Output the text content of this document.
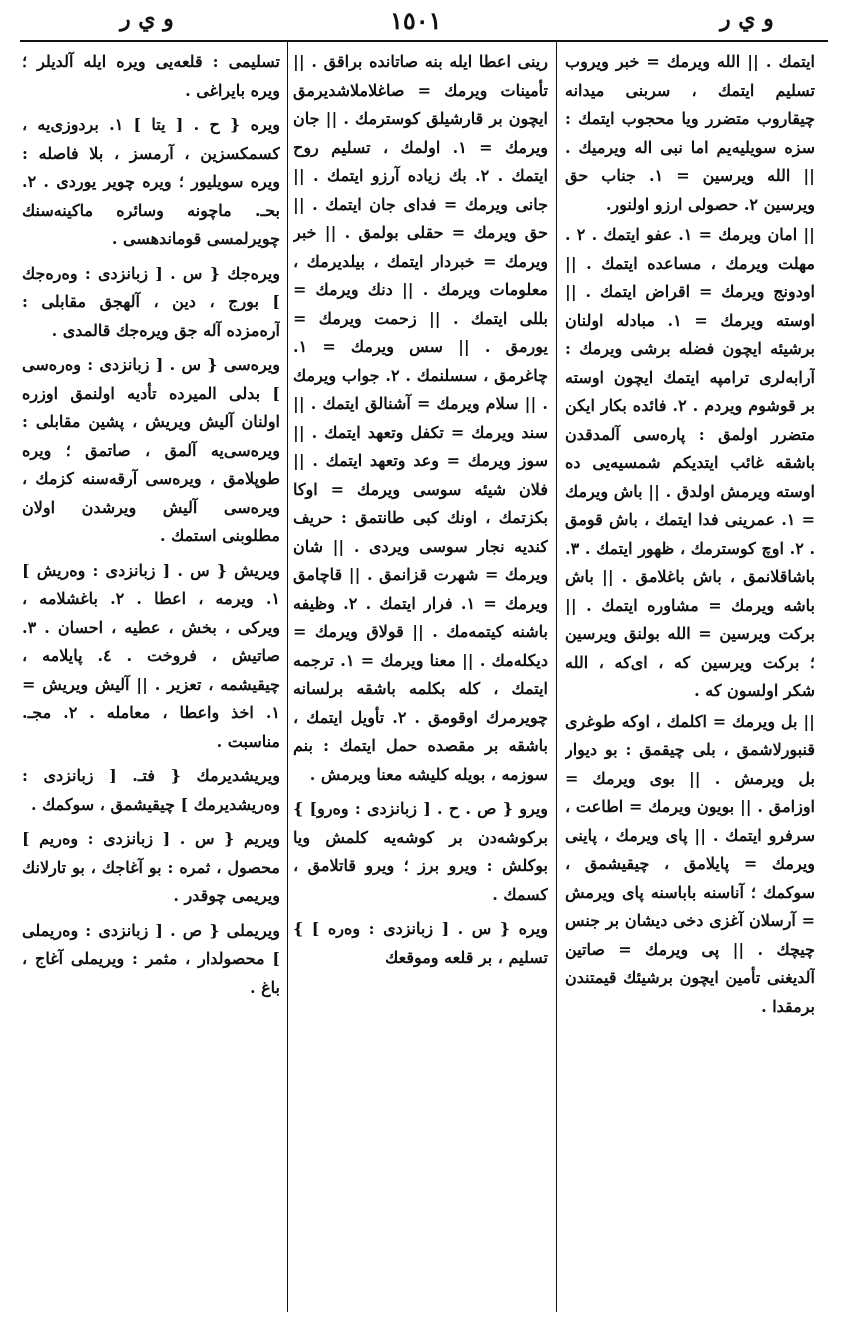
و ي ر	١٥٠١	و ي ر

ايتمك . || الله ويرمك = خبر ويروب تسليم ايتمك ، سربنى ميدانه چيقاروب متضرر ويا محجوب ايتمك : سزه سويليه‌يم اما نبى اله ويرميك . || الله ويرسين = ۱. جناب حق ويرسين ۲. حصولى ارزو اولنور.

|| امان ويرمك = ۱. عفو ايتمك . ۲ . مهلت ويرمك ، مساعده ايتمك . || اودونج ويرمك = اقراض ايتمك . || اوسته ويرمك = ۱. مبادله اولنان برشيئه ايچون فضله برشى ويرمك : آرابه‌لرى ترامپه ايتمك ايچون اوسته بر قوشوم ويردم . ۲. فائده بكار ايكن متضرر اولمق : پاره‌سى آلمدقدن باشقه غائب ايتديكم شمسيه‌يى ده اوسته ويرمش اولدق . || باش ويرمك = ۱. عمرينى فدا ايتمك ، باش قومق . ۲. اوچ كوسترمك ، ظهور ايتمك . ۳. باشاقلانمق ، باش باغلامق . || باش باشه ويرمك = مشاوره ايتمك . || بركت ويرسين = الله بولنق ويرسين ؛ بركت ويرسين كه ، اى‌كه ، الله شكر اولسون كه .

|| بل ويرمك = اكلمك ، اوكه طوغرى قنبورلاشمق ، بلى چيقمق : بو ديوار بل ويرمش . || بوى ويرمك = اوزامق . || بويون ويرمك = اطاعت ، سرفرو ايتمك . || پاى ويرمك ، پاينى ويرمك = پايلامق ، چيقيشمق ، سوكمك ؛ آناسنه باباسنه پاى ويرمش = آرسلان آغزى دخى ديشان بر جنس چيچك . || پى ويرمك = صاتين آلديغنى تأمين ايچون برشيئك قيمتندن برمقدا .

رينى اعطا ايله بنه صاتانده براقق . || تأمينات ويرمك = صاغلاملاشديرمق ايچون بر قارشيلق كوسترمك . || جان ويرمك = ۱. اولمك ، تسليم روح ايتمك . ۲. بك زياده آرزو ايتمك . || جانى ويرمك = فداى جان ايتمك . || حق ويرمك = حقلى بولمق . || خبر ويرمك = خبردار ايتمك ، بيلديرمك ، معلومات ويرمك . || دنك ويرمك = بللى ايتمك . || زحمت ويرمك = يورمق . || سس ويرمك = ۱. چاغرمق ، سسلنمك . ۲. جواب ويرمك . || سلام ويرمك = آشنالق ايتمك . || سند ويرمك = تكفل وتعهد ايتمك . || سوز ويرمك = وعد وتعهد ايتمك . || فلان شيئه سوسى ويرمك = اوكا بكزتمك ، اونك كبى طانتمق : حريف كنديه نجار سوسى ويردى . || شان ويرمك = شهرت قزانمق . || قاچامق ويرمك = ۱. فرار ايتمك . ۲. وظيفه باشنه كيتمه‌مك . || قولاق ويرمك = ديكله‌مك . || معنا ويرمك = ۱. ترجمه ايتمك ، كله بكلمه باشقه برلسانه چويرمرك اوقومق . ۲. تأويل ايتمك ، باشقه بر مقصده حمل ايتمك : بنم سوزمه ، بويله كليشه معنا ويرمش .

ويرو { ص . ح . [ زبانزدى : وه‌رو] } بركوشه‌دن بر كوشه‌يه كلمش ويا بوكلش : ويرو برز ؛ ويرو قاتلامق ، كسمك .

ويره { س . [ زبانزدى : وه‌ره ] } تسليم ، بر قلعه وموقعك

تسليمى : قلعه‌يى ويره ايله آلديلر ؛ ويره بايراغى .

ويره { ح . [ يتا ] ۱. بردوزى‌يه ، كسمكسزين ، آرمسز ، بلا فاصله : ويره سويليور ؛ ويره چوير يوردى . ۲. بحـ. ماچونه وسائره ماكينه‌سنك چويرلمسى قوماندهسى .

ويره‌جك { س . [ زبانزدى : وه‌ره‌جك ] بورج ، دين ، آلهجق مقابلى : آره‌مزده آله جق ويره‌جك قالمدى .

ويره‌سى { س . [ زبانزدى : وه‌رەسى ] بدلى الميرده تأديه اولنمق اوزره اولنان آليش ويريش ، پشين مقابلى : ويره‌سى‌يه آلمق ، صاتمق ؛ ويره طوپلامق ، ويره‌سى آرقه‌سنه كزمك ، ويره‌سى آليش ويرشدن اولان مطلوبنى استمك .

ويريش { س . [ زبانزدى : وه‌ريش ] ۱. ويرمه ، اعطا . ۲. باغشلامه ، ويركى ، بخش ، عطيه ، احسان . ۳. صاتيش ، فروخت . ٤. پايلامه ، چيقيشمه ، تعزير . || آليش ويريش = ۱. اخذ واعطا ، معامله . ۲. مجـ. مناسبت .

ويريشديرمك { فتـ. [ زبانزدى : وه‌ريشديرمك ] چيقيشمق ، سوكمك .

ويريم { س . [ زبانزدى : وه‌ريم ] محصول ، ثمره : بو آغاجك ، بو تارلانك ويريمى چوقدر .

ويريملى { ص . [ زبانزدى : وه‌ريملى ] محصولدار ، مثمر : ويريملى آغاج ، باغ .
